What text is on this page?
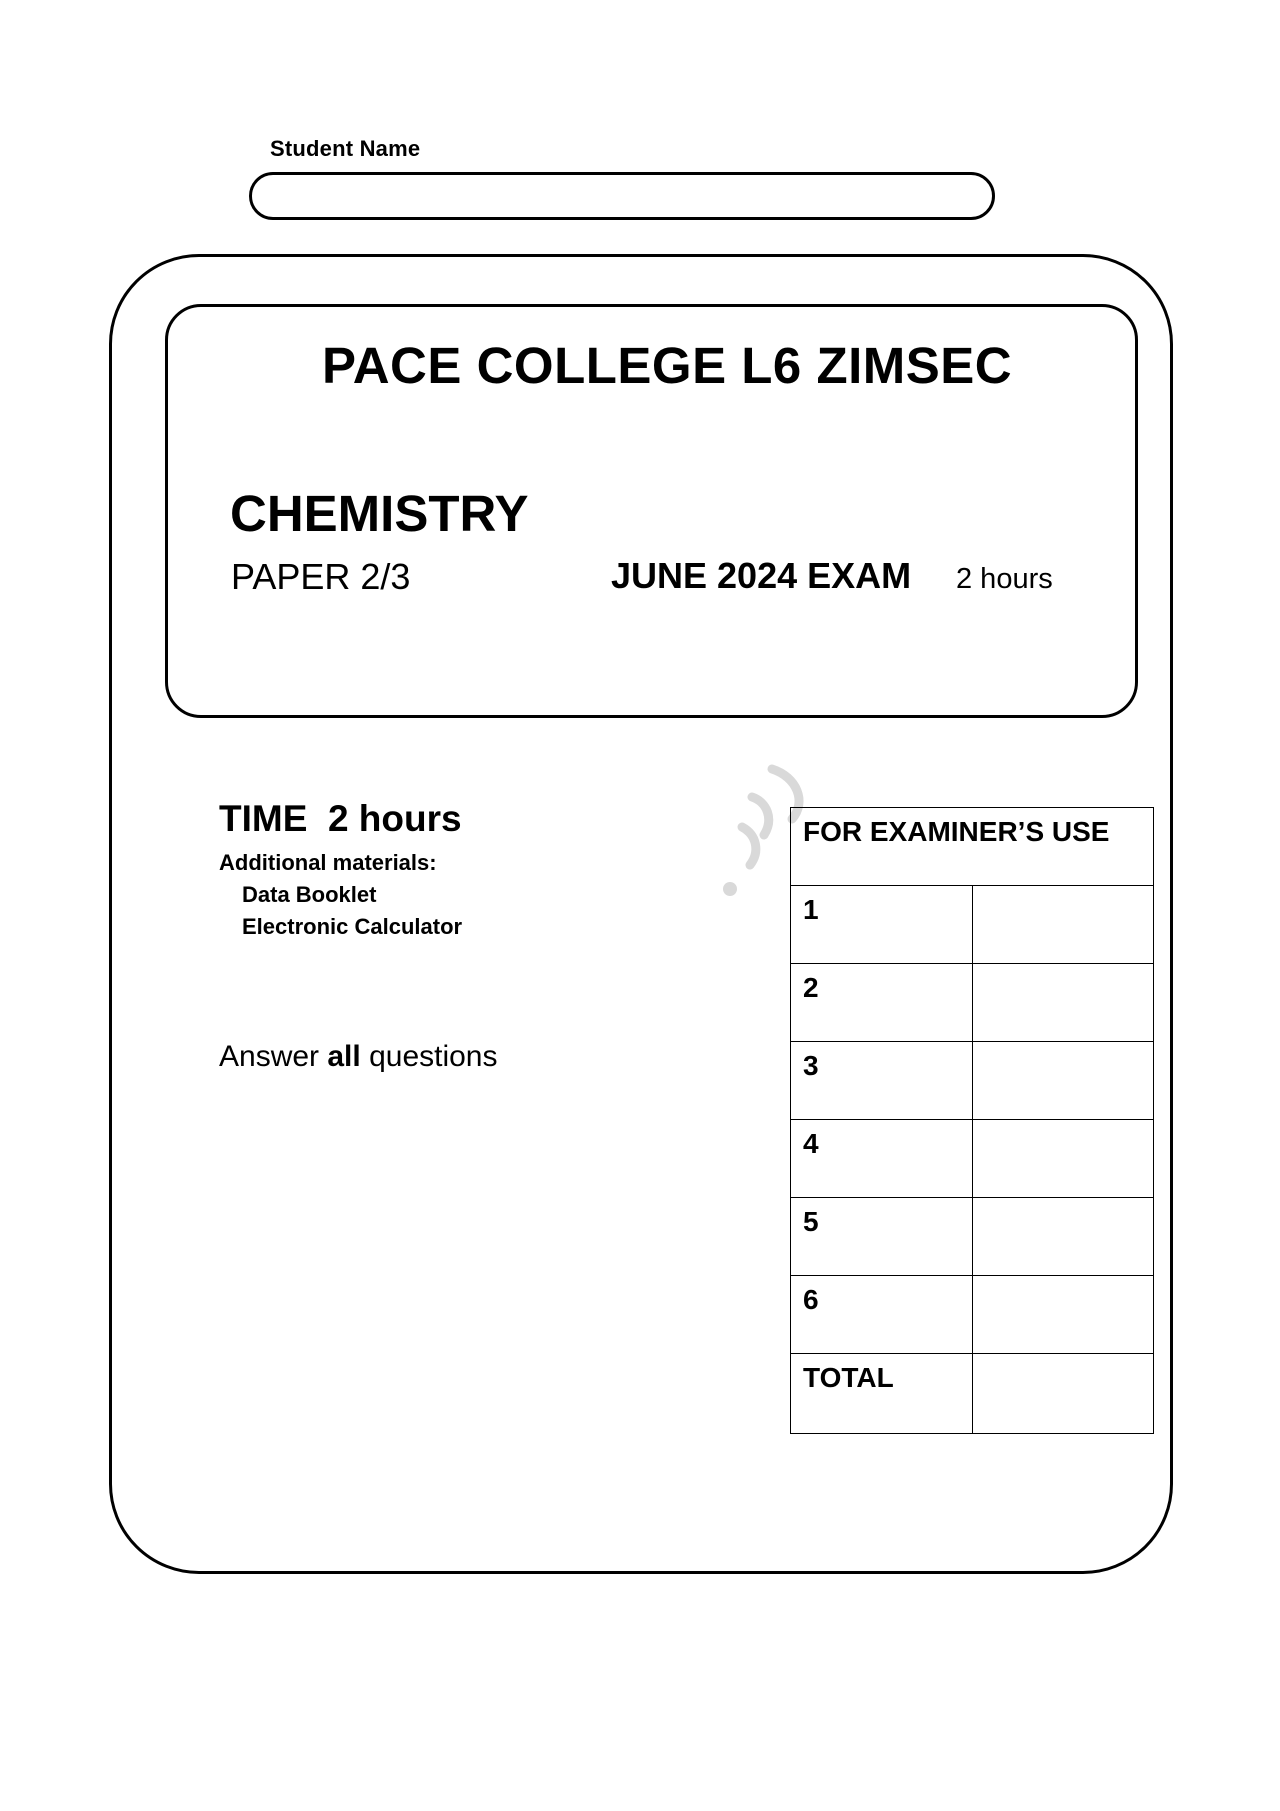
Student Name
PACE COLLEGE L6 ZIMSEC
CHEMISTRY
PAPER 2/3	JUNE 2024 EXAM 2 hours
TIME  2 hours
Additional materials:
Data Booklet
Electronic Calculator
Answer all questions
FOR EXAMINER’S USE	
1	
2	
3	
4	
5	
6	
TOTAL	
